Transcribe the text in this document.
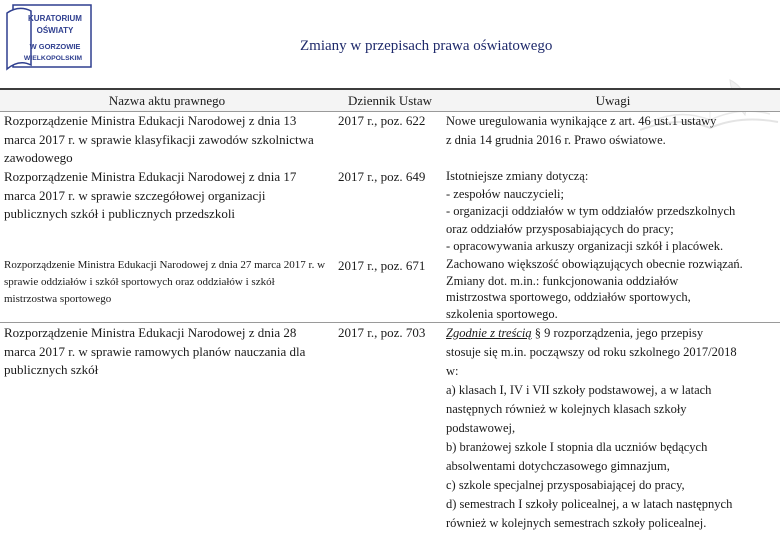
KURATORIUM
OŚWIATY
W GORZOWIE
WIELKOPOLSKIM
Zmiany w przepisach prawa oświatowego
Nazwa aktu prawnego	Dziennik Ustaw	Uwagi
Rozporządzenie Ministra Edukacji Narodowej z dnia 13 marca 2017 r. w sprawie klasyfikacji zawodów szkolnictwa zawodowego
2017 r., poz. 622	Nowe uregulowania wynikające z art. 46 ust.1 ustawy
z dnia 14 grudnia 2016 r. Prawo oświatowe.
Rozporządzenie Ministra Edukacji Narodowej z dnia 17 marca 2017 r. w sprawie szczegółowej organizacji publicznych szkół i publicznych przedszkoli
2017 r., poz. 649	Istotniejsze zmiany dotyczą:
- zespołów nauczycieli;
- organizacji oddziałów w tym oddziałów przedszkolnych
oraz oddziałów przysposabiających do pracy;
- opracowywania arkuszy organizacji szkół i placówek.
Rozporządzenie Ministra Edukacji Narodowej z dnia 27 marca 2017 r. w sprawie oddziałów i szkół sportowych oraz oddziałów i szkół mistrzostwa sportowego
2017 r., poz. 671	Zachowano większość obowiązujących obecnie rozwiązań.
Zmiany dot. m.in.: funkcjonowania oddziałów
mistrzostwa sportowego, oddziałów sportowych,
szkolenia sportowego.
Rozporządzenie Ministra Edukacji Narodowej z dnia 28 marca 2017 r. w sprawie ramowych planów nauczania dla publicznych szkół
2017 r., poz. 703	Zgodnie z treścią § 9 rozporządzenia, jego przepisy
stosuje się m.in. począwszy od roku szkolnego 2017/2018
w:
a) klasach I, IV i VII szkoły podstawowej, a w latach
następnych również w kolejnych klasach szkoły
podstawowej,
b) branżowej szkole I stopnia dla uczniów będących
absolwentami dotychczasowego gimnazjum,
c) szkole specjalnej przysposabiającej do pracy,
d) semestrach I szkoły policealnej, a w latach następnych
również w kolejnych semestrach szkoły policealnej.
